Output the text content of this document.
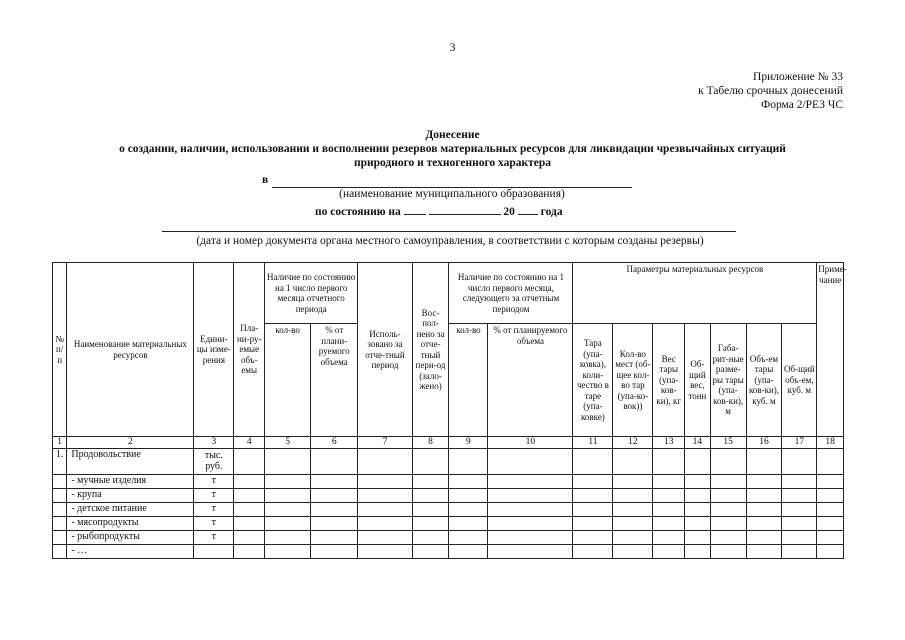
3
Приложение № 33
к Табелю срочных донесений
Форма 2/РЕЗ ЧС
Донесение
о создании, наличии, использовании и восполнении резервов материальных ресурсов для ликвидации чрезвычайных ситуаций
природного и техногенного характера
в
(наименование муниципального образования)
по состоянию на	20 года
(дата и номер документа органа местного самоуправления, в соответствии с которым созданы резервы)
№ п/п	Наименование материальных ресурсов	Едини-цы изме-рения	Пла-ни-ру-емые объ-емы	Наличие по состоянию на 1 число первого месяца отчетного периода		Исполь-зовано за отче-тный период	Вос-пол-нено за отче-тный пери-од (зало-жено)	Наличие по состоянию на 1 число первого месяца, следующего за отчетным периодом		Параметры материальных ресурсов							Приме-чание
				кол-во	% от плани-руемого объема			кол-во	% от планируемого объема	Тара (упа-ковка), коли-чество в таре (упа-ковке)	Кол-во мест (об-щее кол-во тар (упа-ко-вок))	Вес тары (упа-ков-ки), кг	Об-щий вес, тонн	Габа-рит-ные разме-ры тары (упа-ков-ки), м	Объ-ем тары (упа-ков-ки), куб. м	Об-щий объ-ем, куб. м	

1	2	3	4	5	6	7	8	9	10	11	12	13	14	15	16	17	18
1.	Продовольствие	тыс. руб.															
	- мучные изделия	т															
	- крупа	т															
	- детское питание	т															
	- мясопродукты	т															
	- рыбопродукты	т															
	- …																
